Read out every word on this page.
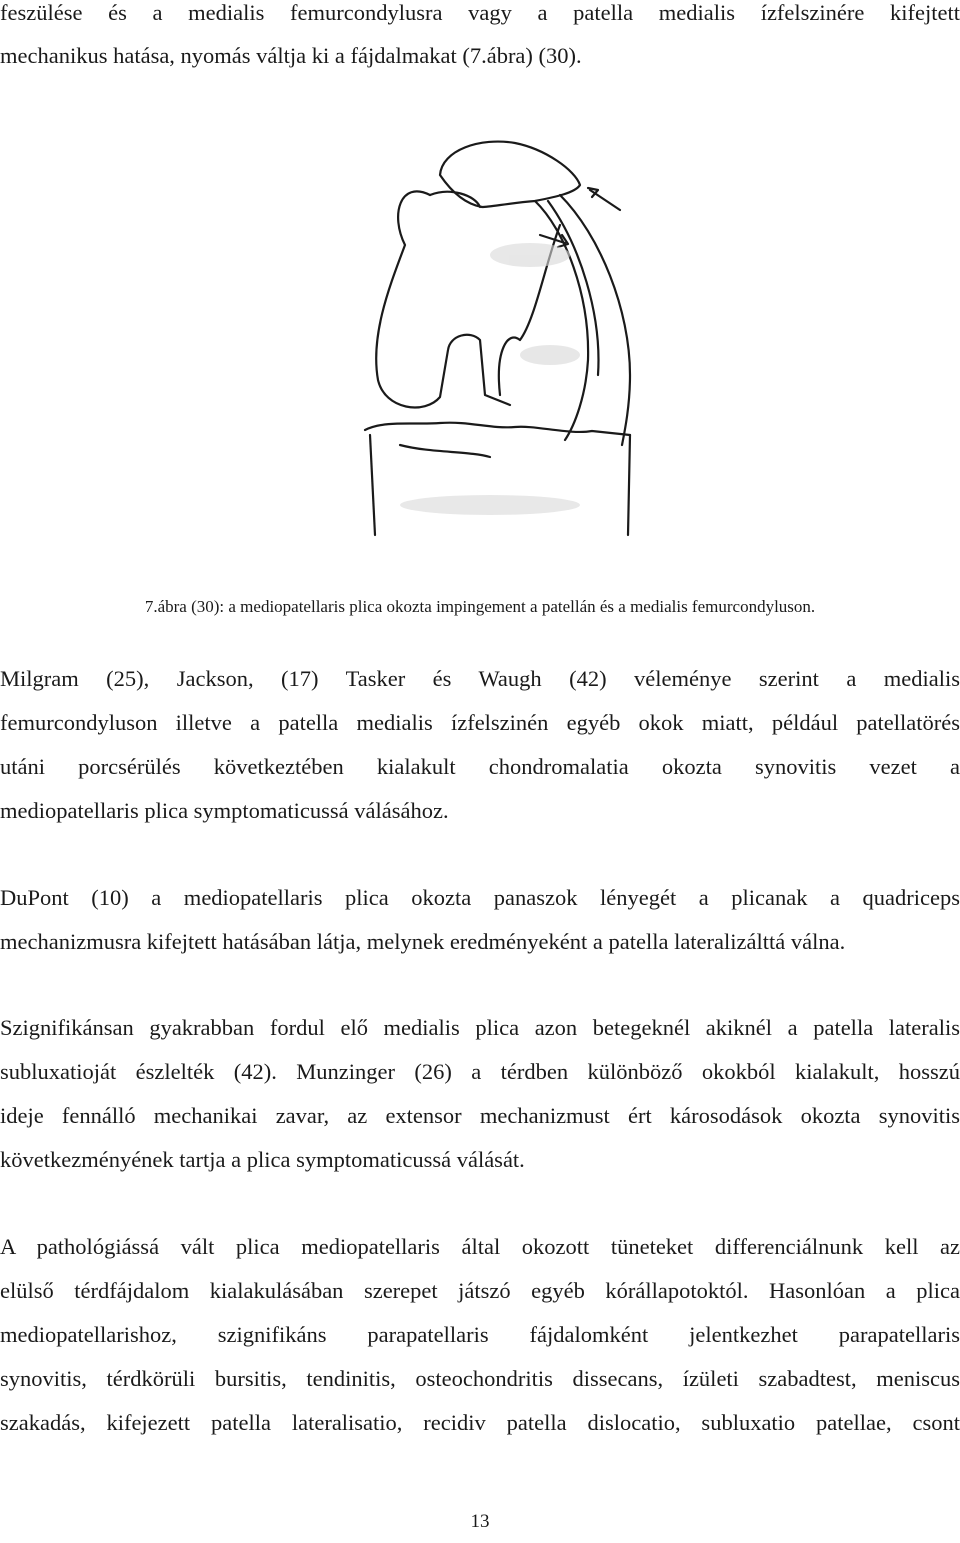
feszülése és a medialis femurcondylusra vagy a patella medialis ízfelszinére kifejtett
mechanikus hatása, nyomás váltja ki a fájdalmakat (7.ábra) (30).
7.ábra (30): a mediopatellaris plica okozta impingement a patellán és a medialis femurcondyluson.
Milgram (25), Jackson, (17) Tasker és Waugh (42) véleménye szerint a medialis
femurcondyluson illetve a patella medialis ízfelszinén egyéb okok miatt, például patellatörés
utáni porcsérülés következtében kialakult chondromalatia okozta synovitis vezet a
mediopatellaris plica symptomaticussá válásához.
DuPont (10) a mediopatellaris plica okozta panaszok lényegét a plicanak a quadriceps
mechanizmusra kifejtett hatásában látja, melynek eredményeként a patella lateralizálttá válna.
Szignifikánsan gyakrabban fordul elő medialis plica azon betegeknél akiknél a patella lateralis
subluxatioját észlelték (42). Munzinger (26) a térdben különböző okokból kialakult, hosszú
ideje fennálló mechanikai zavar, az extensor mechanizmust ért károsodások okozta synovitis
következményének tartja a plica symptomaticussá válását.
A pathológiássá vált plica mediopatellaris által okozott tüneteket differenciálnunk kell az
elülső térdfájdalom kialakulásában szerepet játszó egyéb kórállapotoktól. Hasonlóan a plica
mediopatellarishoz, szignifikáns parapatellaris fájdalomként jelentkezhet parapatellaris
synovitis, térdkörüli bursitis, tendinitis, osteochondritis dissecans, ízületi szabadtest, meniscus
szakadás, kifejezett patella lateralisatio, recidiv patella dislocatio, subluxatio patellae, csont
13
